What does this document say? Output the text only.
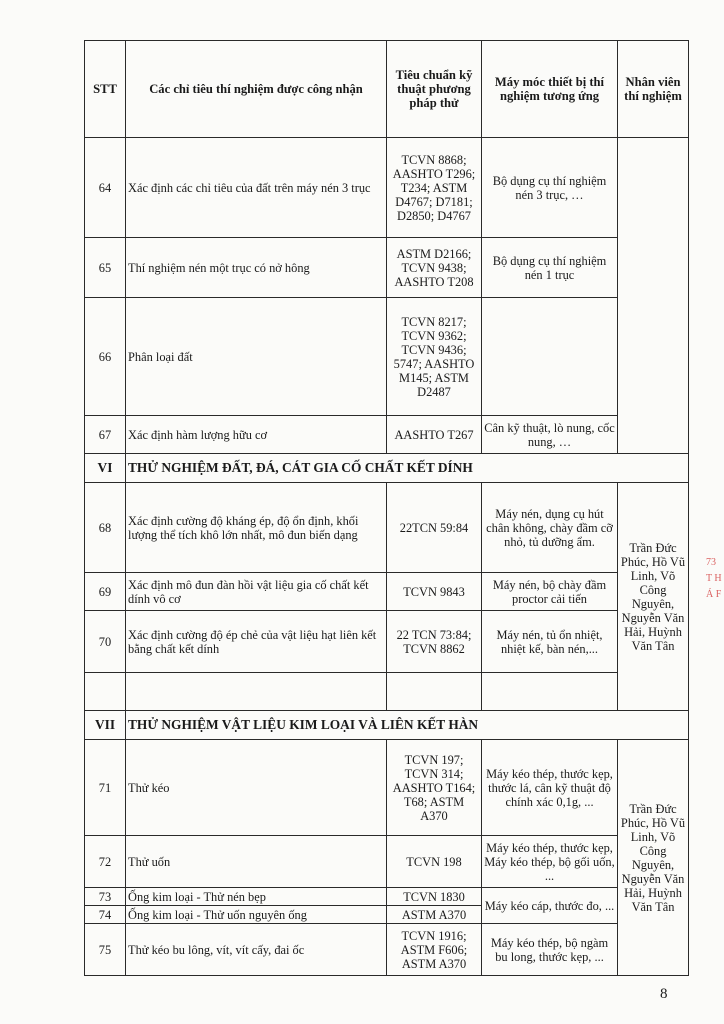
STT	Các chỉ tiêu thí nghiệm được công nhận	Tiêu chuẩn kỹ thuật phương pháp thử	Máy móc thiết bị thí nghiệm tương ứng	Nhân viên thí nghiệm
64	Xác định các chỉ tiêu của đất trên máy nén 3 trục	TCVN 8868; AASHTO T296; T234; ASTM D4767; D7181; D2850; D4767	Bộ dụng cụ thí nghiệm nén 3 trục, …	
65	Thí nghiệm nén một trục có nở hông	ASTM D2166; TCVN 9438; AASHTO T208	Bộ dụng cụ thí nghiệm nén 1 trục	
66	Phân loại đất	TCVN 8217; TCVN 9362; TCVN 9436; 5747; AASHTO M145; ASTM D2487		
67	Xác định hàm lượng hữu cơ	AASHTO T267	Cân kỹ thuật, lò nung, cốc nung, …	
VI	THỬ NGHIỆM ĐẤT, ĐÁ, CÁT GIA CỐ CHẤT KẾT DÍNH			
68	Xác định cường độ kháng ép, độ ổn định, khối lượng thể tích khô lớn nhất, mô đun biến dạng	22TCN 59:84	Máy nén, dụng cụ hút chân không, chày đầm cỡ nhỏ, tủ dưỡng ẩm.	Trần Đức Phúc, Hồ Vũ Linh, Võ Công Nguyên, Nguyễn Văn Hải, Huỳnh Văn Tân
69	Xác định mô đun đàn hồi vật liệu gia cố chất kết dính vô cơ	TCVN 9843	Máy nén, bộ chày đầm proctor cải tiến	
70	Xác định cường độ ép chẻ của vật liệu hạt liên kết bằng chất kết dính	22 TCN 73:84; TCVN 8862	Máy nén, tủ ổn nhiệt, nhiệt kế, bàn nén,...	

VII	THỬ NGHIỆM VẬT LIỆU KIM LOẠI VÀ LIÊN KẾT HÀN			
71	Thử kéo	TCVN 197; TCVN 314; AASHTO T164; T68; ASTM A370	Máy kéo thép, thước kẹp, thước lá, cân kỹ thuật độ chính xác 0,1g, ...	Trần Đức Phúc, Hồ Vũ Linh, Võ Công Nguyên, Nguyễn Văn Hải, Huỳnh Văn Tân
72	Thử uốn	TCVN 198	Máy kéo thép, thước kẹp, Máy kéo thép, bộ gối uốn, ...	
73	Ống kim loại - Thử nén bẹp	TCVN 1830	Máy kéo cáp, thước đo, ...	
74	Ống kim loại - Thử uốn nguyên ống	ASTM A370		
75	Thử kéo bu lông, vít, vít cấy, đai ốc	TCVN 1916; ASTM F606; ASTM A370	Máy kéo thép, bộ ngàm bu long, thước kẹp, ...	
73 T H Á F
8
